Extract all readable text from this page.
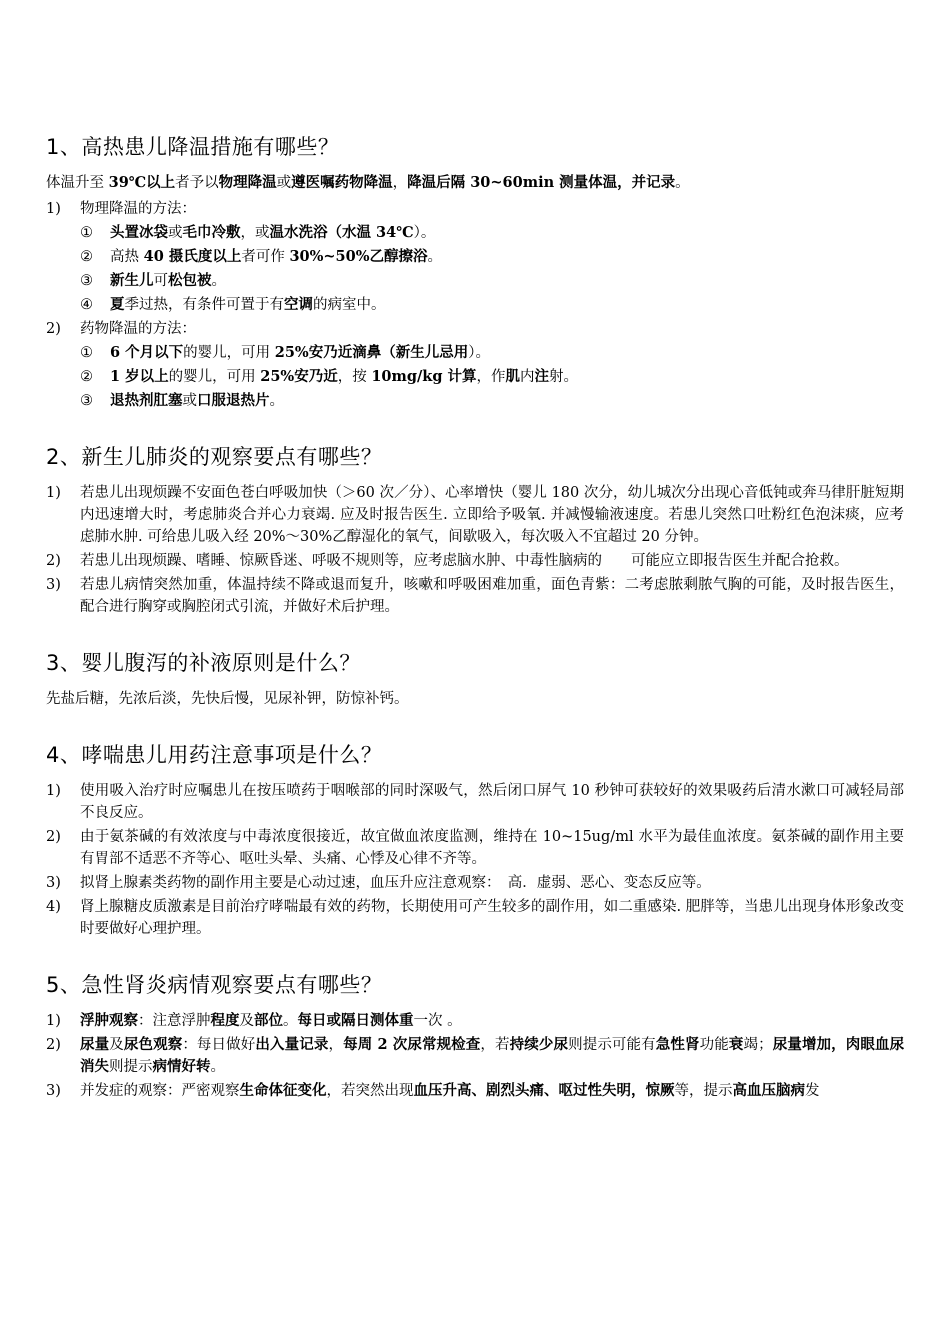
1、高热患儿降温措施有哪些？

体温升至 39℃以上者予以物理降温或遵医嘱药物降温，降温后隔 30~60min 测量体温，并记录。

1)	物理降温的方法：
①	头置冰袋或毛巾冷敷，或温水洗浴（水温 34℃）。
②	高热 40 摄氏度以上者可作 30%~50%乙醇擦浴。
③	新生儿可松包被。
④	夏季过热，有条件可置于有空调的病室中。
2)	药物降温的方法：
①	6 个月以下的婴儿，可用 25%安乃近滴鼻（新生儿忌用）。
②	1 岁以上的婴儿，可用 25%安乃近，按 10mg/kg 计算，作肌内注射。
③	退热剂肛塞或口服退热片。
2、新生儿肺炎的观察要点有哪些？
1)	若患儿出现烦躁不安面色苍白呼吸加快（＞60 次／分）、心率增快（婴儿 180 次分，幼儿城次分出现心音低钝或奔马律肝脏短期内迅速增大时，考虑肺炎合并心力衰竭. 应及时报告医生. 立即给予吸氧. 并减慢输液速度。若患儿突然口吐粉红色泡沫痰，应考虑肺水肿. 可给患儿吸入经 20%～30%乙醇湿化的氧气，间歇吸入，每次吸入不宜超过 20 分钟。
2)	若患儿出现烦躁、嗜睡、惊厥昏迷、呼吸不规则等，应考虑脑水肿、中毒性脑病的　　可能应立即报告医生并配合抢救。
3)	若患儿病情突然加重，体温持续不降或退而复升，咳嗽和呼吸困难加重，面色青紫：二考虑脓剩脓气胸的可能，及时报告医生，配合进行胸穿或胸腔闭式引流，并做好术后护理。
3、婴儿腹泻的补液原则是什么？

先盐后糖，先浓后淡，先快后慢，见尿补钾，防惊补钙。

4、哮喘患儿用药注意事项是什么？
1)	使用吸入治疗时应嘱患儿在按压喷药于咽喉部的同时深吸气，然后闭口屏气 10 秒钟可获较好的效果吸药后清水漱口可减轻局部不良反应。
2)	由于氨茶碱的有效浓度与中毒浓度很接近，故宜做血浓度监测，维持在 10~15ug/ml 水平为最佳血浓度。氨茶碱的副作用主要有胃部不适恶不齐等心、呕吐头晕、头痛、心悸及心律不齐等。
3)	拟肾上腺素类药物的副作用主要是心动过速，血压升应注意观察：　高．虚弱、恶心、变态反应等。
4)	肾上腺糖皮质激素是目前治疗哮喘最有效的药物，长期使用可产生较多的副作用，如二重感染. 肥胖等，当患儿出现身体形象改变时要做好心理护理。
5、急性肾炎病情观察要点有哪些？
1)	浮肿观察：注意浮肿程度及部位。每日或隔日测体重一次 。
2)	尿量及尿色观察：每日做好出入量记录，每周 2 次尿常规检查，若持续少尿则提示可能有急性肾功能衰竭；尿量增加，肉眼血尿消失则提示病情好转。
3)	并发症的观察：严密观察生命体征变化，若突然出现血压升高、剧烈头痛、呕过性失明，惊厥等，提示高血压脑病发
